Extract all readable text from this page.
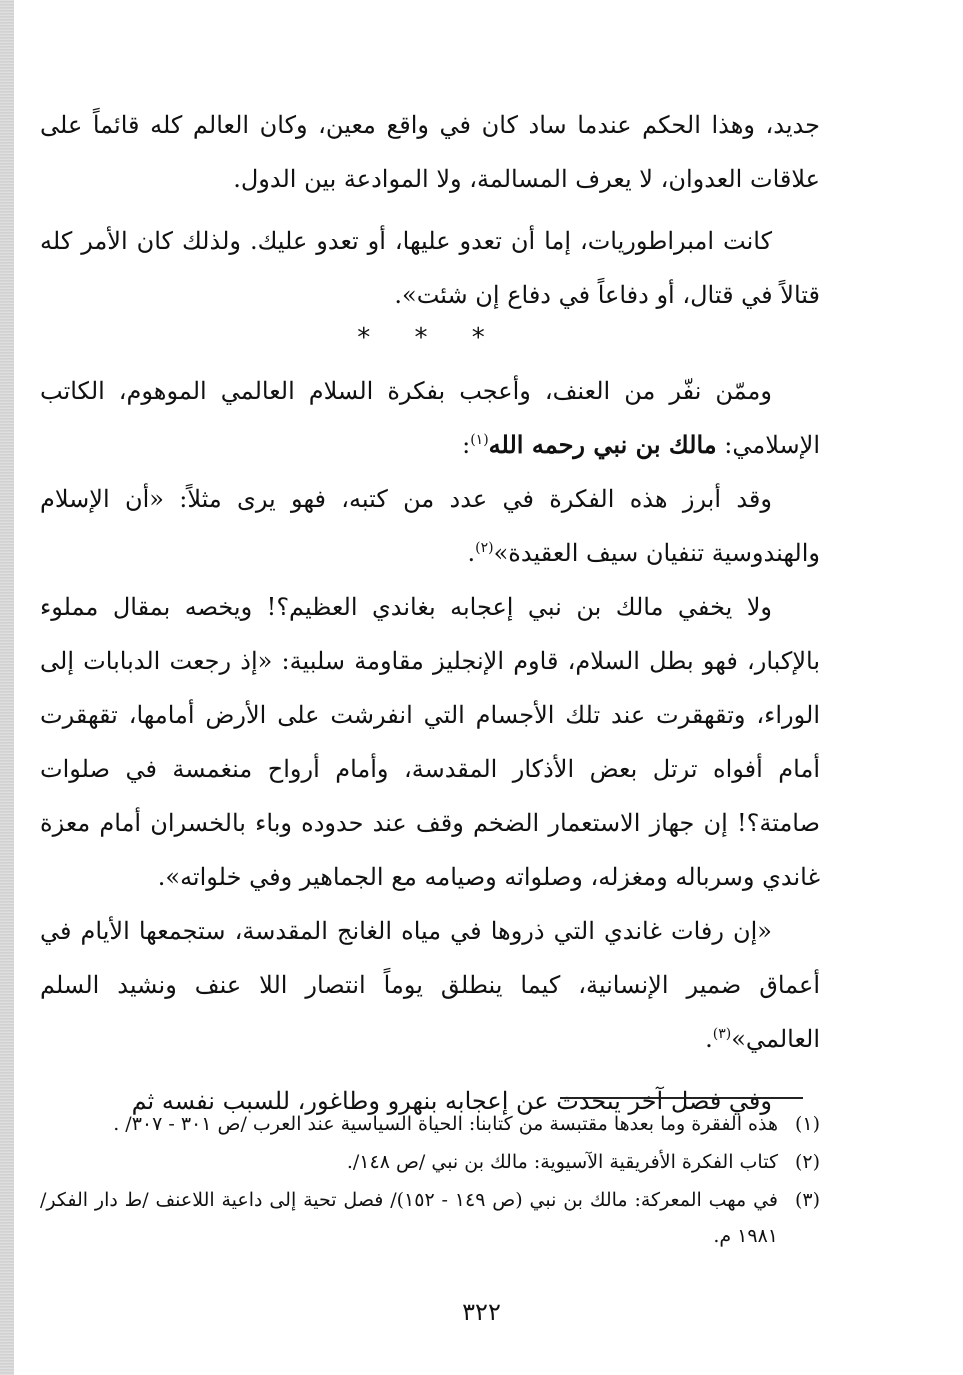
جديد، وهذا الحكم عندما ساد كان في واقع معين، وكان العالم كله قائماً على علاقات العدوان، لا يعرف المسالمة، ولا الموادعة بين الدول.

كانت امبراطوريات، إما أن تعدو عليها، أو تعدو عليك. ولذلك كان الأمر كله قتالاً في قتال، أو دفاعاً في دفاع إن شئت».

* * *

وممّن نفّر من العنف، وأعجب بفكرة السلام العالمي الموهوم، الكاتب الإسلامي: مالك بن نبي رحمه الله$^{(١)}$:

وقد أبرز هذه الفكرة في عدد من كتبه، فهو يرى مثلاً: «أن الإسلام والهندوسية تنفيان سيف العقيدة»$^{(٢)}$.

ولا يخفي مالك بن نبي إعجابه بغاندي العظيم؟! ويخصه بمقال مملوء بالإكبار، فهو بطل السلام، قاوم الإنجليز مقاومة سلبية: «إذ رجعت الدبابات إلى الوراء، وتقهقرت عند تلك الأجسام التي انفرشت على الأرض أمامها، تقهقرت أمام أفواه ترتل بعض الأذكار المقدسة، وأمام أرواح منغمسة في صلوات صامتة؟! إن جهاز الاستعمار الضخم وقف عند حدوده وباء بالخسران أمام معزة غاندي وسرباله ومغزله، وصلواته وصيامه مع الجماهير وفي خلواته».

«إن رفات غاندي التي ذروها في مياه الغانج المقدسة، ستجمعها الأيام في أعماق ضمير الإنسانية، كيما ينطلق يوماً انتصار اللا عنف ونشيد السلم العالمي»$^{(٣)}$.

وفي فصل آخر يتحدث عن إعجابه بنهرو وطاغور، للسبب نفسه ثم

(١)
هذه الفقرة وما بعدها مقتبسة من كتابنا: الحياة السياسية عند العرب /ص ٣٠١ - ٣٠٧/ .
(٢)
كتاب الفكرة الأفريقية الآسيوية: مالك بن نبي /ص ١٤٨/.
(٣)
في مهب المعركة: مالك بن نبي (ص ١٤٩ - ١٥٢)/ فصل تحية إلى داعية اللاعنف /ط دار الفكر/ ١٩٨١ م.
٣٢٢
